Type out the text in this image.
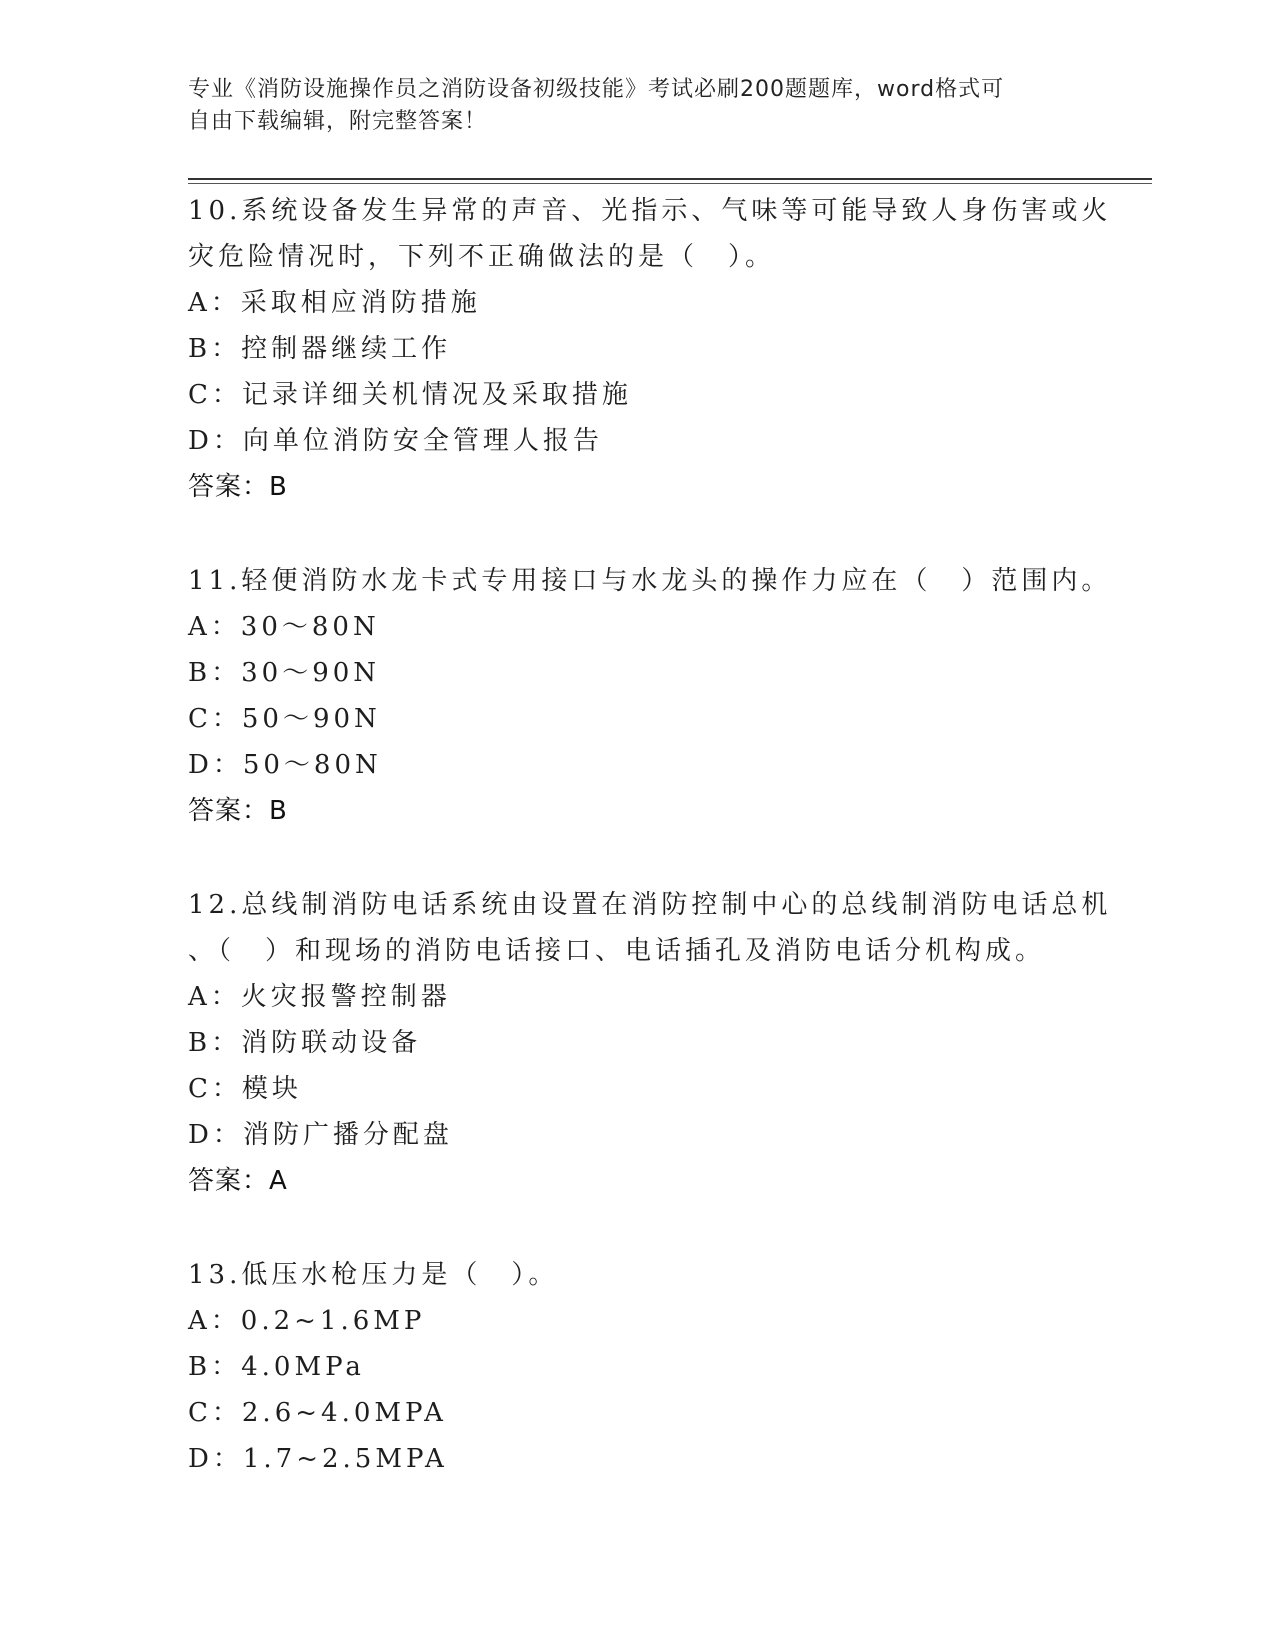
专业《消防设施操作员之消防设备初级技能》考试必刷200题题库，word格式可
自由下载编辑，附完整答案！
10.系统设备发生异常的声音、光指示、气味等可能导致人身伤害或火
灾危险情况时，下列不正确做法的是（　）。
A：采取相应消防措施
B：控制器继续工作
C：记录详细关机情况及采取措施
D：向单位消防安全管理人报告
答案：B
11.轻便消防水龙卡式专用接口与水龙头的操作力应在（　）范围内。
A：30～80N
B：30～90N
C：50～90N
D：50～80N
答案：B
12.总线制消防电话系统由设置在消防控制中心的总线制消防电话总机
、（　）和现场的消防电话接口、电话插孔及消防电话分机构成。
A：火灾报警控制器
B：消防联动设备
C：模块
D：消防广播分配盘
答案：A
13.低压水枪压力是（　）。
A：0.2~1.6MP
B：4.0MPa
C：2.6~4.0MPA
D：1.7~2.5MPA
